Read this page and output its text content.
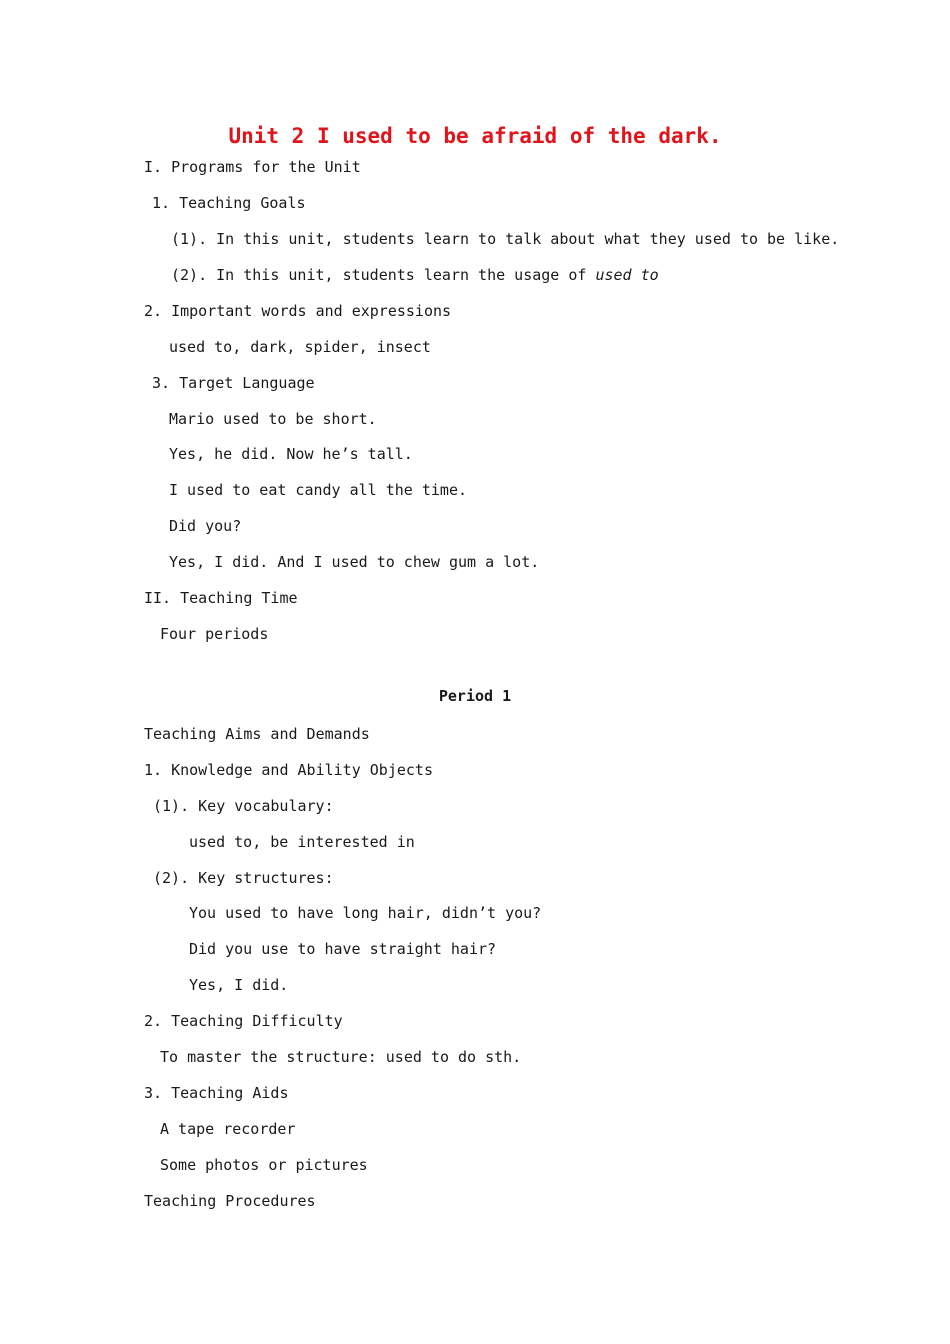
Unit 2 I used to be afraid of the dark.
I. Programs for the Unit
1. Teaching Goals
(1). In this unit, students learn to talk about what they used to be like.
(2). In this unit, students learn the usage of used to
2. Important words and expressions
used to, dark, spider, insect
3. Target Language
Mario used to be short.
Yes, he did. Now he’s tall.
I used to eat candy all the time.
Did you?
Yes, I did. And I used to chew gum a lot.
II. Teaching Time
Four periods
Period 1
Teaching Aims and Demands
1. Knowledge and Ability Objects
(1). Key vocabulary:
used to, be interested in
(2). Key structures:
You used to have long hair, didn’t you?
Did you use to have straight hair?
Yes, I did.
2. Teaching Difficulty
To master the structure: used to do sth.
3. Teaching Aids
A tape recorder
Some photos or pictures
Teaching Procedures
